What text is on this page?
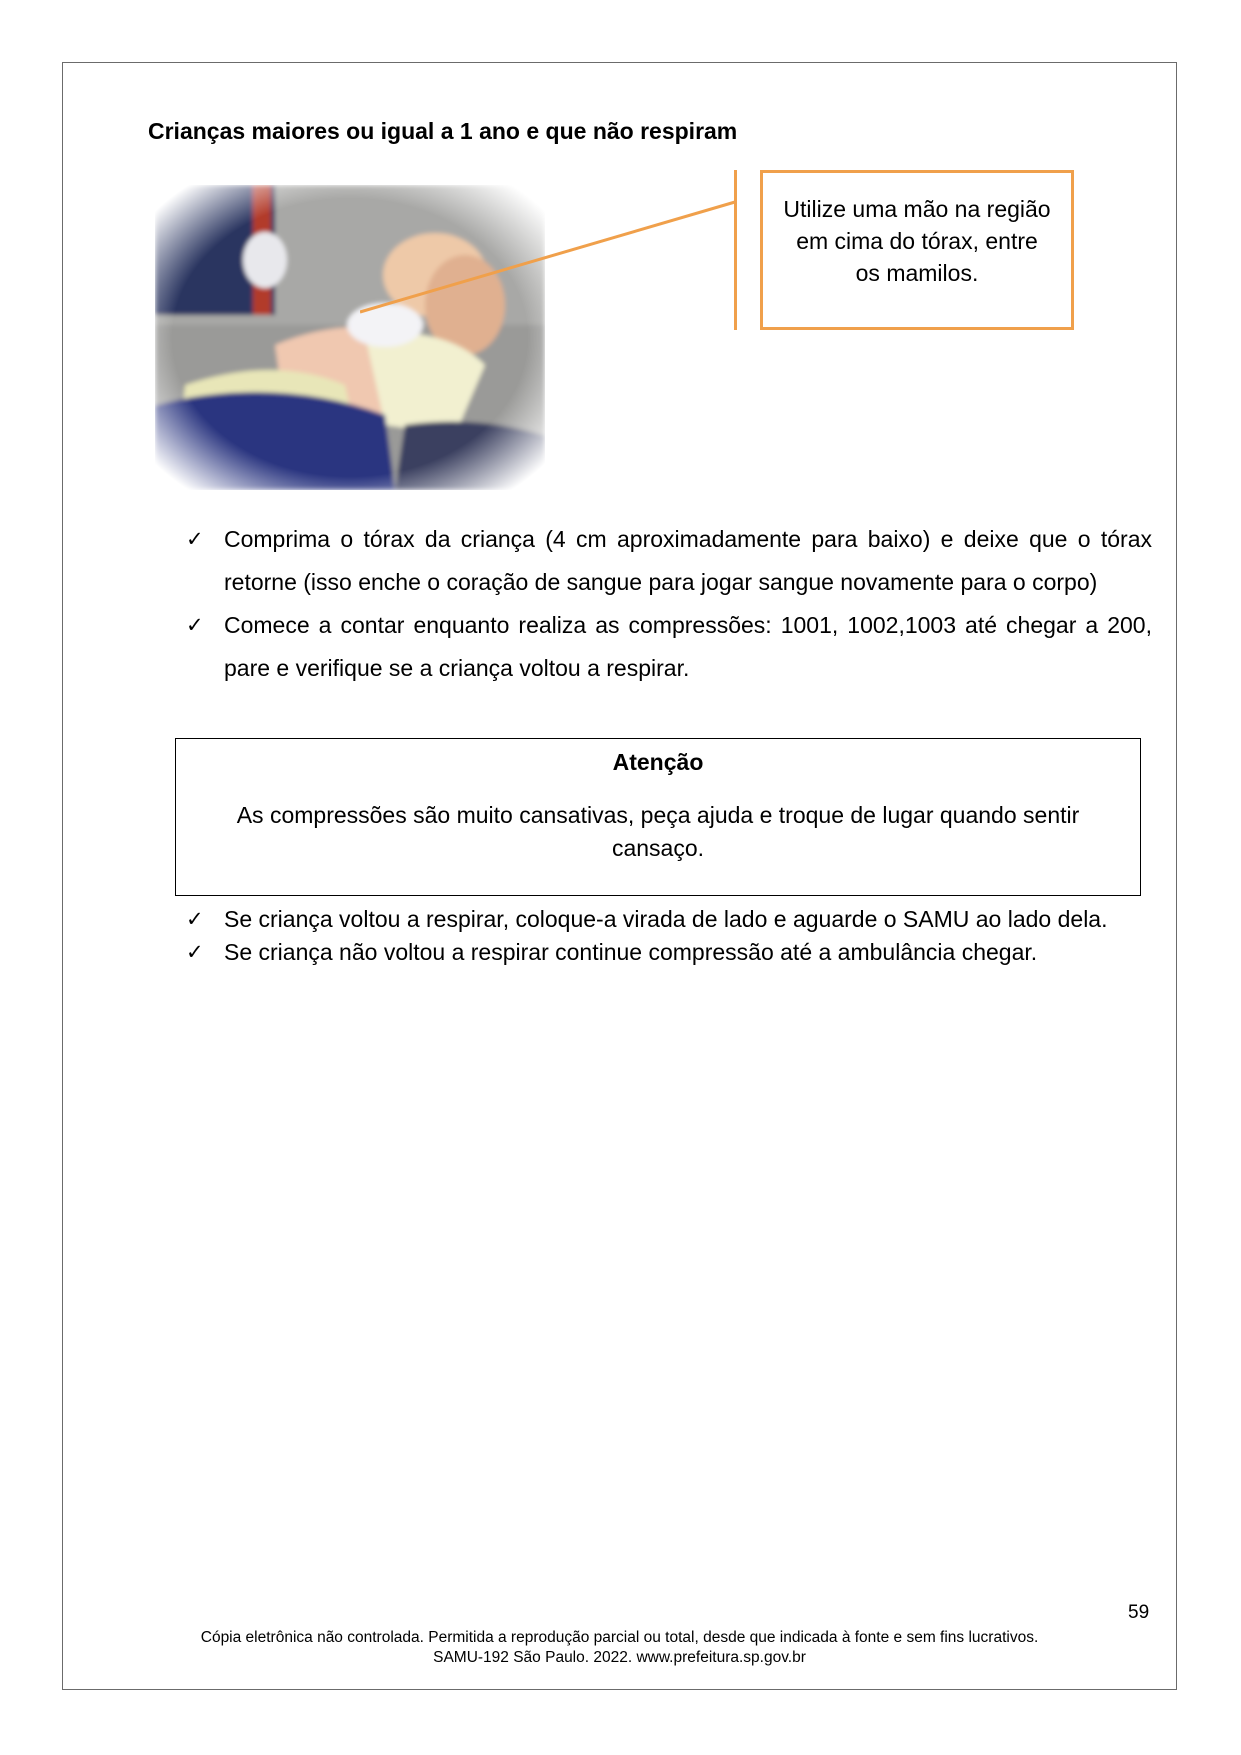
Crianças maiores ou igual a 1 ano e que não respiram
Utilize uma mão na região em cima do tórax, entre os mamilos.
✓ Comprima o tórax da criança (4 cm aproximadamente para baixo) e deixe que o tórax retorne (isso enche o coração de sangue para jogar sangue novamente para o corpo)
✓ Comece a contar enquanto realiza as compressões: 1001, 1002,1003 até chegar a 200, pare e verifique se a criança voltou a respirar.
Atenção
As compressões são muito cansativas, peça ajuda e troque de lugar quando sentir cansaço.
✓ Se criança voltou a respirar, coloque-a virada de lado e aguarde o SAMU ao lado dela.
✓ Se criança não voltou a respirar continue compressão até a ambulância chegar.
59
Cópia eletrônica não controlada. Permitida a reprodução parcial ou total, desde que indicada à fonte e sem fins lucrativos.
SAMU-192 São Paulo. 2022. www.prefeitura.sp.gov.br
